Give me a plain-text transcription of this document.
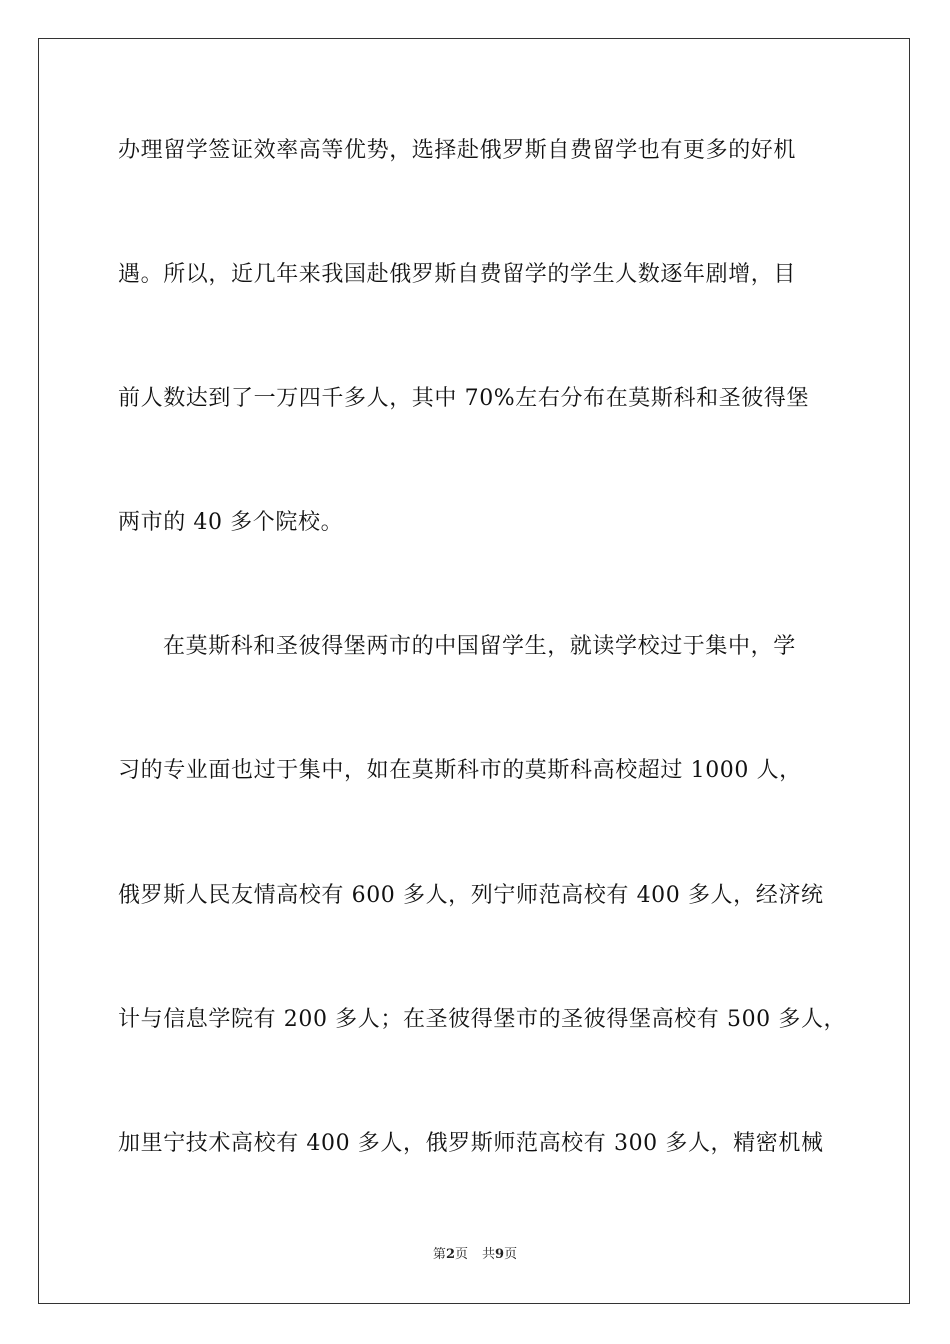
办理留学签证效率高等优势，选择赴俄罗斯自费留学也有更多的好机

遇。所以，近几年来我国赴俄罗斯自费留学的学生人数逐年剧增，目

前人数达到了一万四千多人，其中 70%左右分布在莫斯科和圣彼得堡

两市的 40 多个院校。

在莫斯科和圣彼得堡两市的中国留学生，就读学校过于集中，学

习的专业面也过于集中，如在莫斯科市的莫斯科高校超过 1000 人，

俄罗斯人民友情高校有 600 多人，列宁师范高校有 400 多人，经济统

计与信息学院有 200 多人；在圣彼得堡市的圣彼得堡高校有 500 多人，

加里宁技术高校有 400 多人，俄罗斯师范高校有 300 多人，精密机械

第2页 共9页
